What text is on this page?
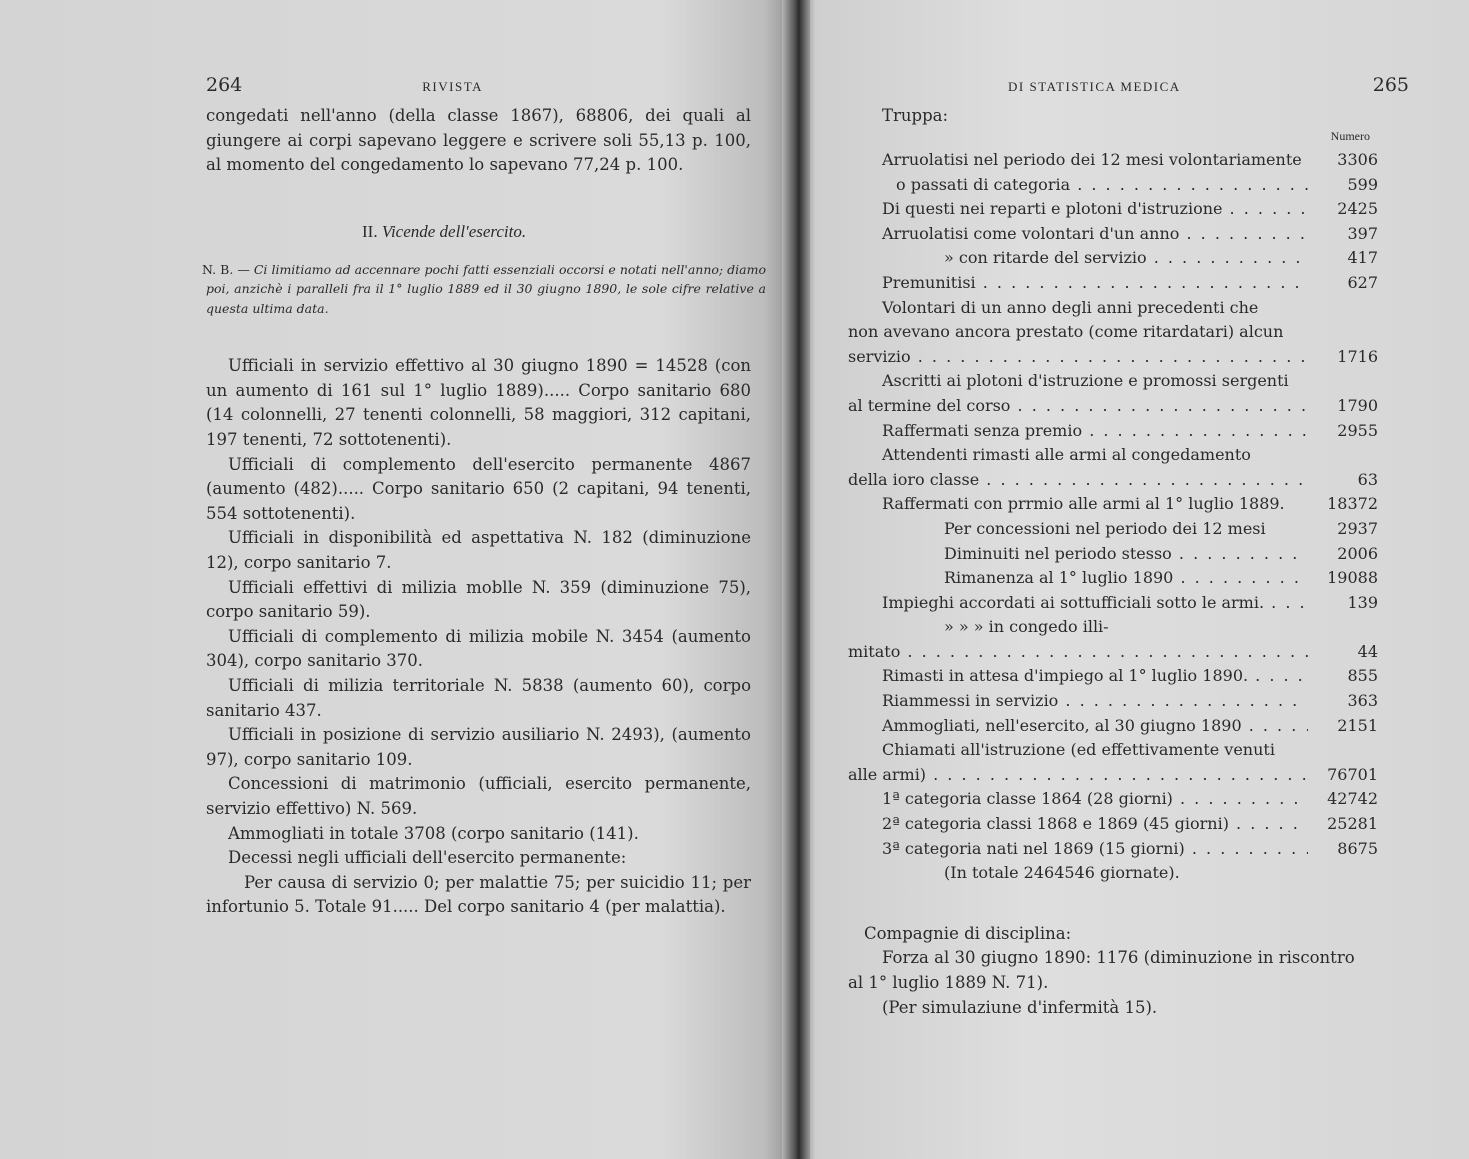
264	RIVISTA

congedati nell'anno (della classe 1867), 68806, dei quali al giungere ai corpi sapevano leggere e scrivere soli 55,13 p. 100, al momento del congedamento lo sapevano 77,24 p. 100.

II. Vicende dell'esercito.

N. B. — Ci limitiamo ad accennare pochi fatti essenziali occorsi e notati nell'anno; diamo poi, anzichè i paralleli fra il 1° luglio 1889 ed il 30 giugno 1890, le sole cifre relative a questa ultima data.

Ufficiali in servizio effettivo al 30 giugno 1890 = 14528 (con un aumento di 161 sul 1° luglio 1889)..... Corpo sanitario 680 (14 colonnelli, 27 tenenti colonnelli, 58 maggiori, 312 capitani, 197 tenenti, 72 sottotenenti).

Ufficiali di complemento dell'esercito permanente 4867 (aumento (482)..... Corpo sanitario 650 (2 capitani, 94 tenenti, 554 sottotenenti).

Ufficiali in disponibilità ed aspettativa N. 182 (diminuzione 12), corpo sanitario 7.

Ufficiali effettivi di milizia moblle N. 359 (diminuzione 75), corpo sanitario 59).

Ufficiali di complemento di milizia mobile N. 3454 (aumento 304), corpo sanitario 370.

Ufficiali di milizia territoriale N. 5838 (aumento 60), corpo sanitario 437.

Ufficiali in posizione di servizio ausiliario N. 2493), (aumento 97), corpo sanitario 109.

Concessioni di matrimonio (ufficiali, esercito permanente, servizio effettivo) N. 569.

Ammogliati in totale 3708 (corpo sanitario (141).

Decessi negli ufficiali dell'esercito permanente:

Per causa di servizio 0; per malattie 75; per suicidio 11; per infortunio 5. Totale 91..... Del corpo sanitario 4 (per malattia).

DI STATISTICA MEDICA	265
Truppa:
Numero
Arruolatisi nel periodo dei 12 mesi volontariamente	3306
o passati di categoria . . .	599
Di questi nei reparti e plotoni d'istruzione . . .	2425
Arruolatisi come volontari d'un anno . . .	397
» con ritarde del servizio . . .	417
Premunitisi . . .	627
Volontari di un anno degli anni precedenti che
non avevano ancora prestato (come ritardatari) alcun
servizio . . .	1716
Ascritti ai plotoni d'istruzione e promossi sergenti
al termine del corso . . .	1790
Raffermati senza premio . . .	2955
Attendenti rimasti alle armi al congedamento
della ioro classe . . .	63
Raffermati con prrmio alle armi al 1° luglio 1889.	18372
Per concessioni nel periodo dei 12 mesi	2937
Diminuiti nel periodo stesso . . .	2006
Rimanenza al 1° luglio 1890 . . .	19088
Impieghi accordati ai sottufficiali sotto le armi. . . .	139
» » » in congedo illi-
mitato . . .	44
Rimasti in attesa d'impiego al 1° luglio 1890. . . .	855
Riammessi in servizio . . .	363
Ammogliati, nell'esercito, al 30 giugno 1890 . . .	2151
Chiamati all'istruzione (ed effettivamente venuti
alle armi) . . .	76701
1ª categoria classe 1864 (28 giorni) . . .	42742
2ª categoria classi 1868 e 1869 (45 giorni) . . .	25281
3ª categoria nati nel 1869 (15 giorni) . . .	8675
(In totale 2464546 giornate).

Compagnie di disciplina:

Forza al 30 giugno 1890: 1176 (diminuzione in riscontro

al 1° luglio 1889 N. 71).

(Per simulaziune d'infermità 15).
